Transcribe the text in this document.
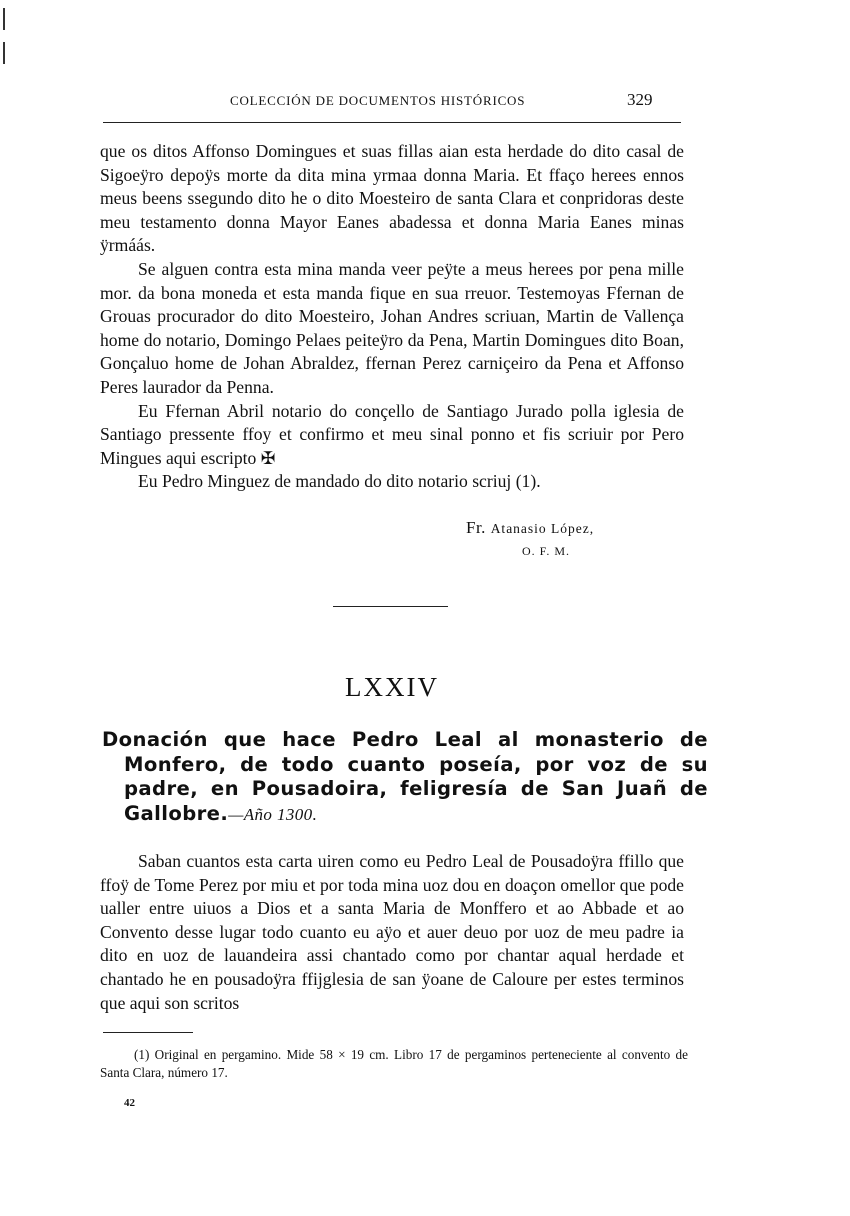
COLECCIÓN DE DOCUMENTOS HISTÓRICOS	329

que os ditos Affonso Domingues et suas fillas aian esta herdade do dito casal de Sigoeÿro depoÿs morte da dita mina yrmaa donna Maria. Et ffaço herees ennos meus beens ssegundo dito he o dito Moesteiro de santa Clara et conpridoras deste meu testamento donna Mayor Eanes abadessa et donna Maria Eanes minas ÿrmáás.

Se alguen contra esta mina manda veer peÿte a meus herees por pena mille mor. da bona moneda et esta manda fique en sua rreuor. Testemoyas Ffernan de Grouas procurador do dito Moesteiro, Johan Andres scriuan, Martin de Vallença home do notario, Domingo Pelaes peiteÿro da Pena, Martin Domingues dito Boan, Gonçaluo home de Johan Abraldez, ffernan Perez carniçeiro da Pena et Affonso Peres laurador da Penna.

Eu Ffernan Abril notario do conçello de Santiago Jurado polla iglesia de Santiago pressente ffoy et confirmo et meu sinal ponno et fis scriuir por Pero Mingues aqui escripto ✠

Eu Pedro Minguez de mandado do dito notario scriuj (1).

Fr. Atanasio López,
O. F. M.
LXXIV
Donación que hace Pedro Leal al monasterio de Monfero, de todo cuanto poseía, por voz de su padre, en Pousadoira, feligresía de San Juañ de Gallobre.—Año 1300.

Saban cuantos esta carta uiren como eu Pedro Leal de Pousadoÿra ffillo que ffoÿ de Tome Perez por miu et por toda mina uoz dou en doaçon omellor que pode ualler entre uiuos a Dios et a santa Maria de Monffero et ao Abbade et ao Convento desse lugar todo cuanto eu aÿo et auer deuo por uoz de meu padre ia dito en uoz de lauandeira assi chantado como por chantar aqual herdade et chantado he en pousadoÿra ffijglesia de san ÿoane de Caloure per estes terminos que aqui son scritos

(1) Original en pergamino. Mide 58 × 19 cm. Libro 17 de pergaminos perteneciente al convento de Santa Clara, número 17.

42
